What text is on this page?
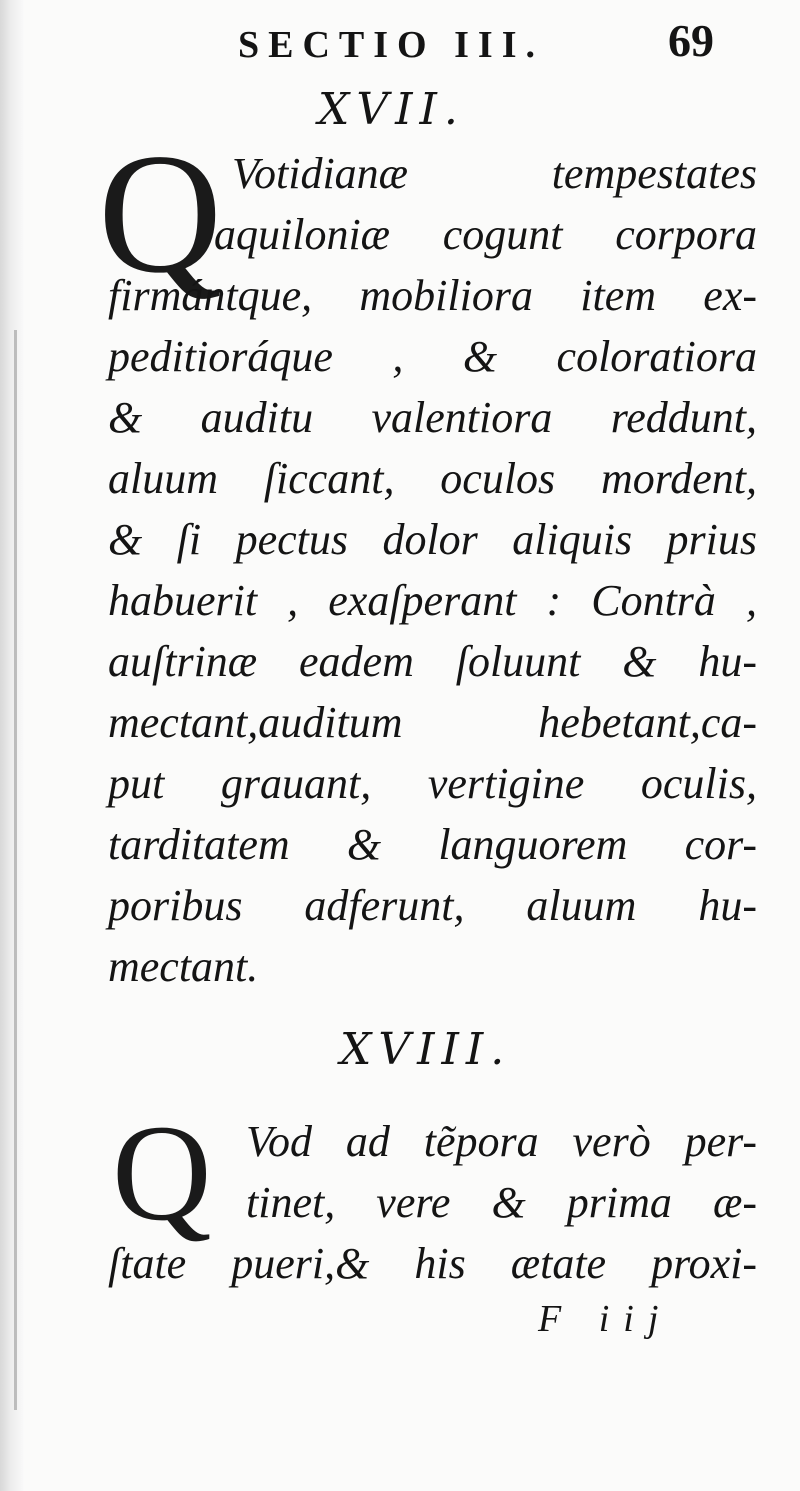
SECTIO III.	69
XVII.
Q Votidianæ tempestates
aquiloniæ cogunt corpora
firmántque, mobiliora item ex-
peditioráque , & coloratiora
& auditu valentiora reddunt,
aluum ſiccant, oculos mordent,
& ſi pectus dolor aliquis prius
habuerit , exaſperant : Contrà ,
auſtrinæ eadem ſoluunt & hu-
mectant,auditum hebetant,ca-
put grauant, vertigine oculis,
tarditatem & languorem cor-
poribus adferunt, aluum hu-
mectant.
XVIII.
Q Vod ad tẽpora verò per-
tinet, vere & prima æ-
ſtate pueri,& his ætate proxi-
F iij
